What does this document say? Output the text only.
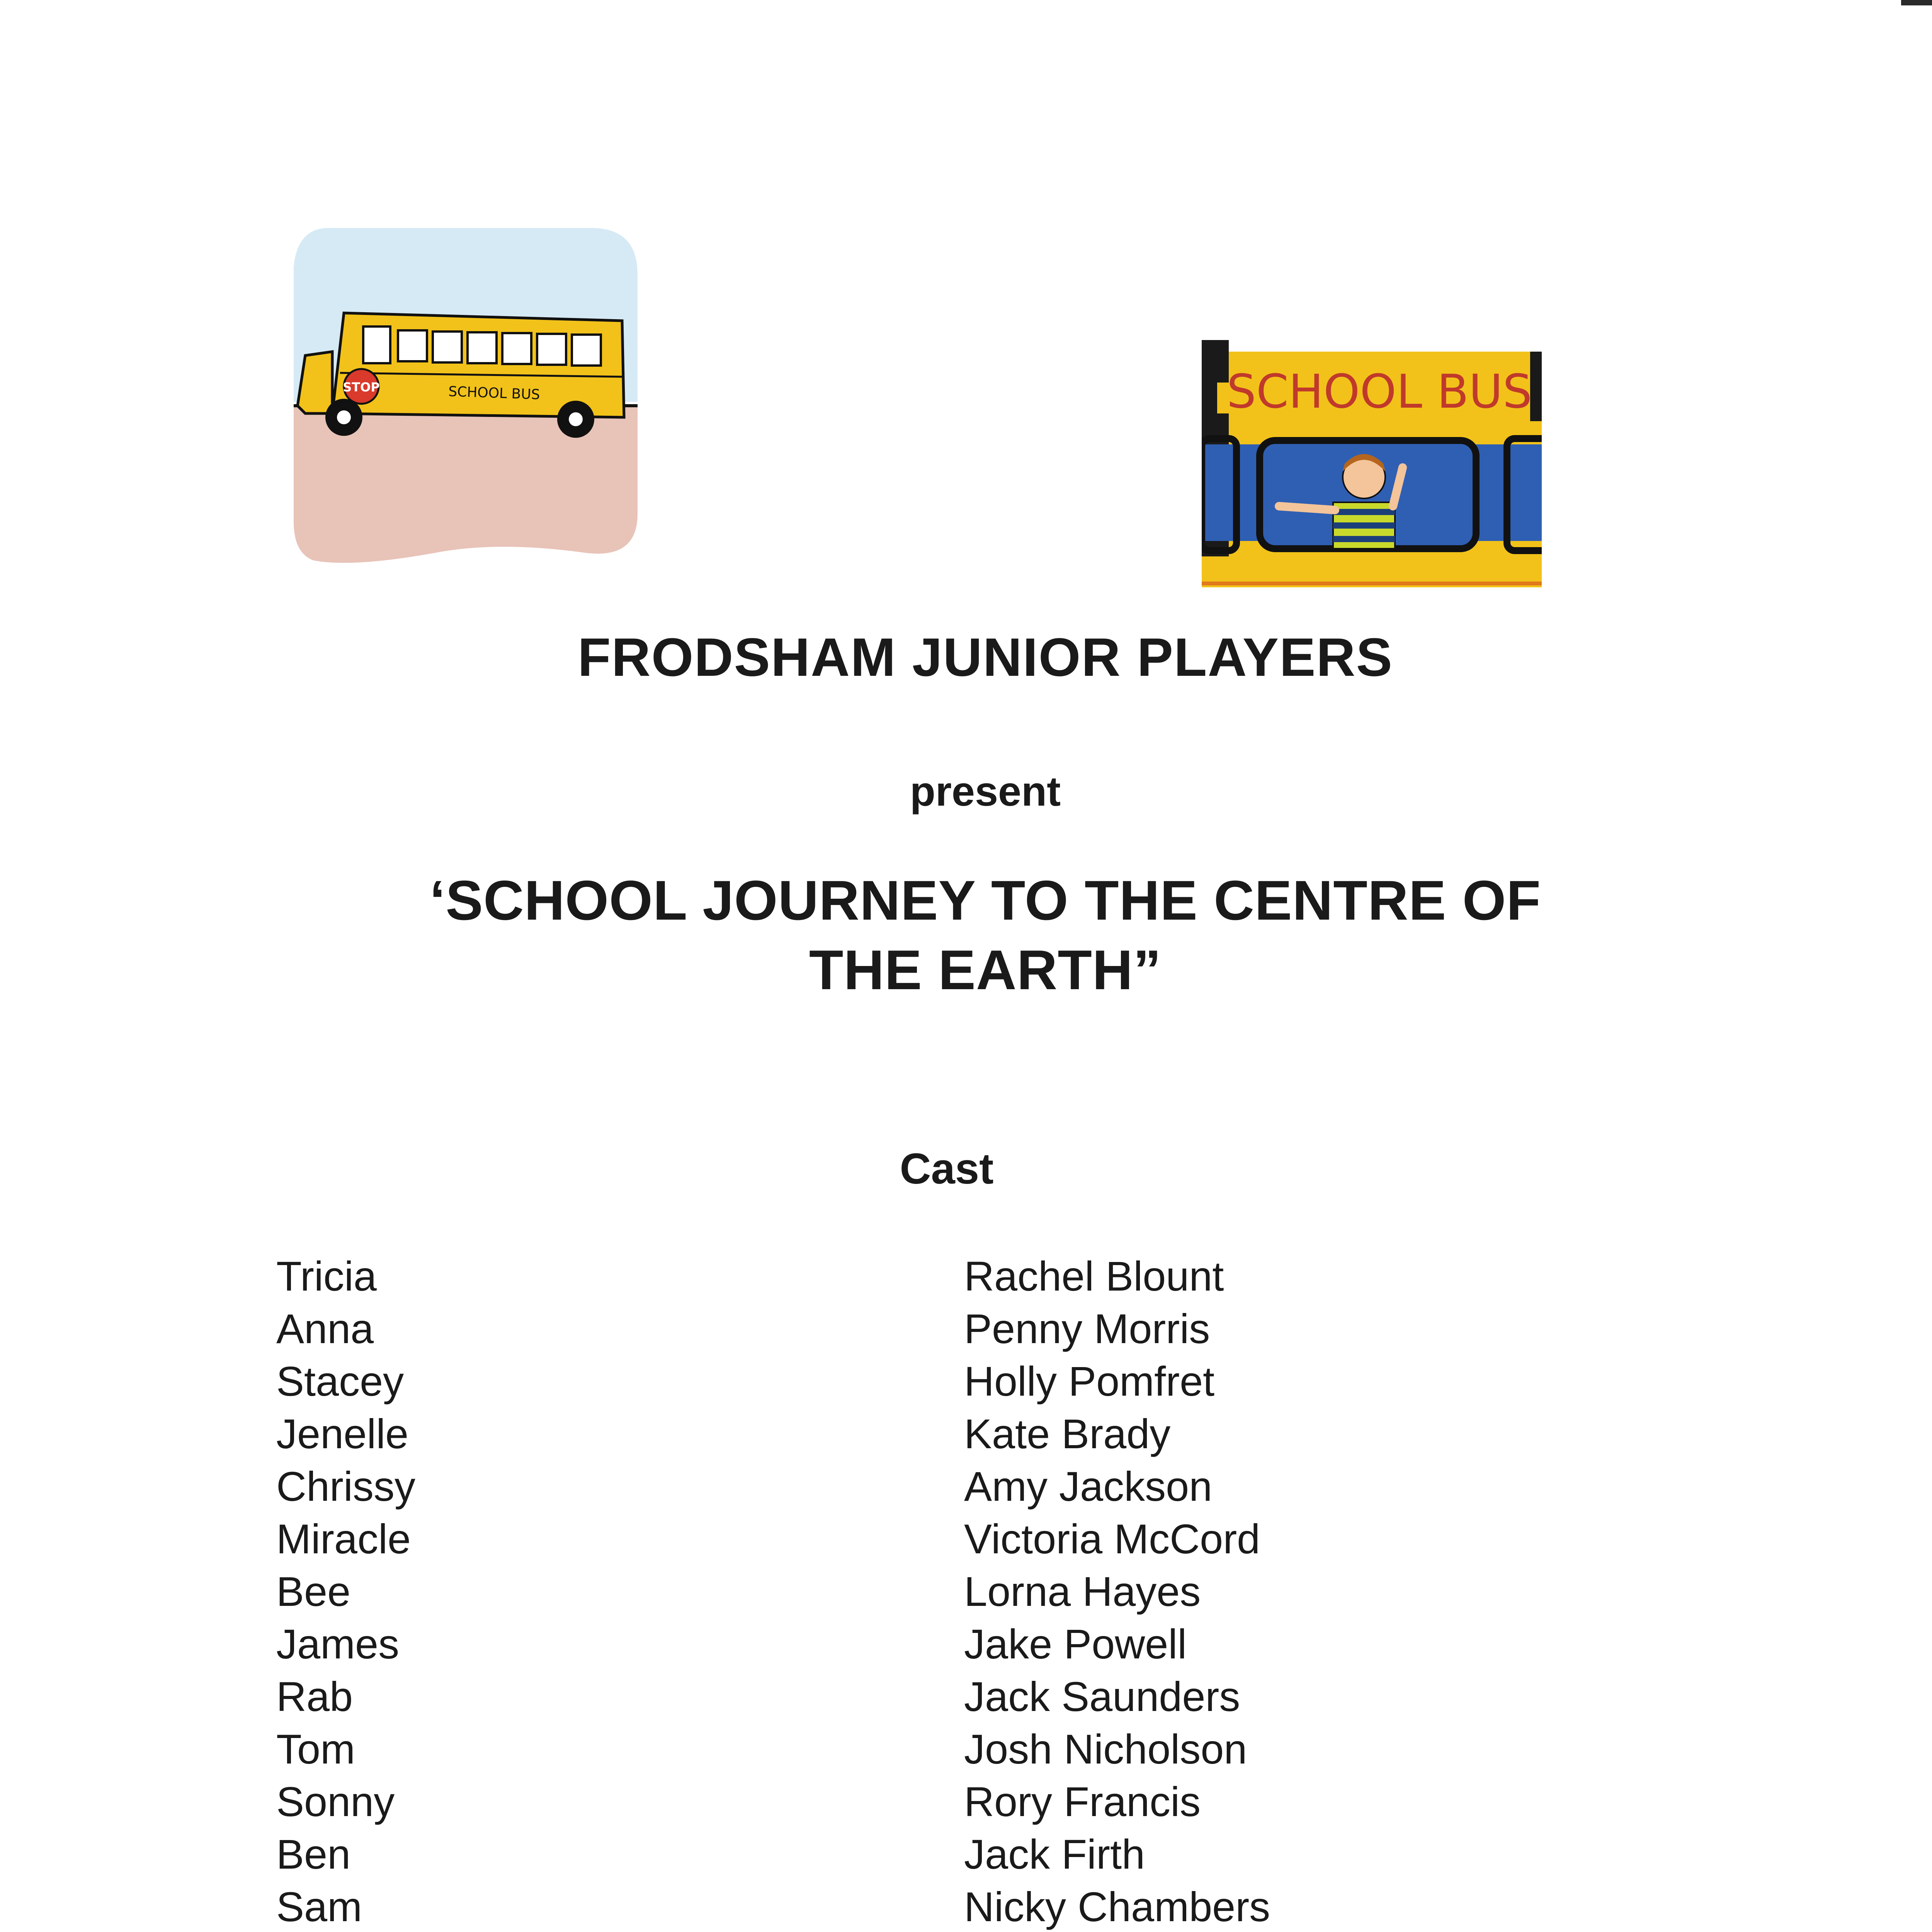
SCHOOL BUS
STOP	SCHOOL BUS
FRODSHAM JUNIOR PLAYERS
present
‘SCHOOL JOURNEY TO THE CENTRE OF
THE EARTH”
Cast
Tricia
Anna
Stacey
Jenelle
Chrissy
Miracle
Bee
James
Rab
Tom
Sonny
Ben
Sam
Rachel Blount
Penny Morris
Holly Pomfret
Kate Brady
Amy Jackson
Victoria McCord
Lorna Hayes
Jake Powell
Jack Saunders
Josh Nicholson
Rory Francis
Jack Firth
Nicky Chambers
